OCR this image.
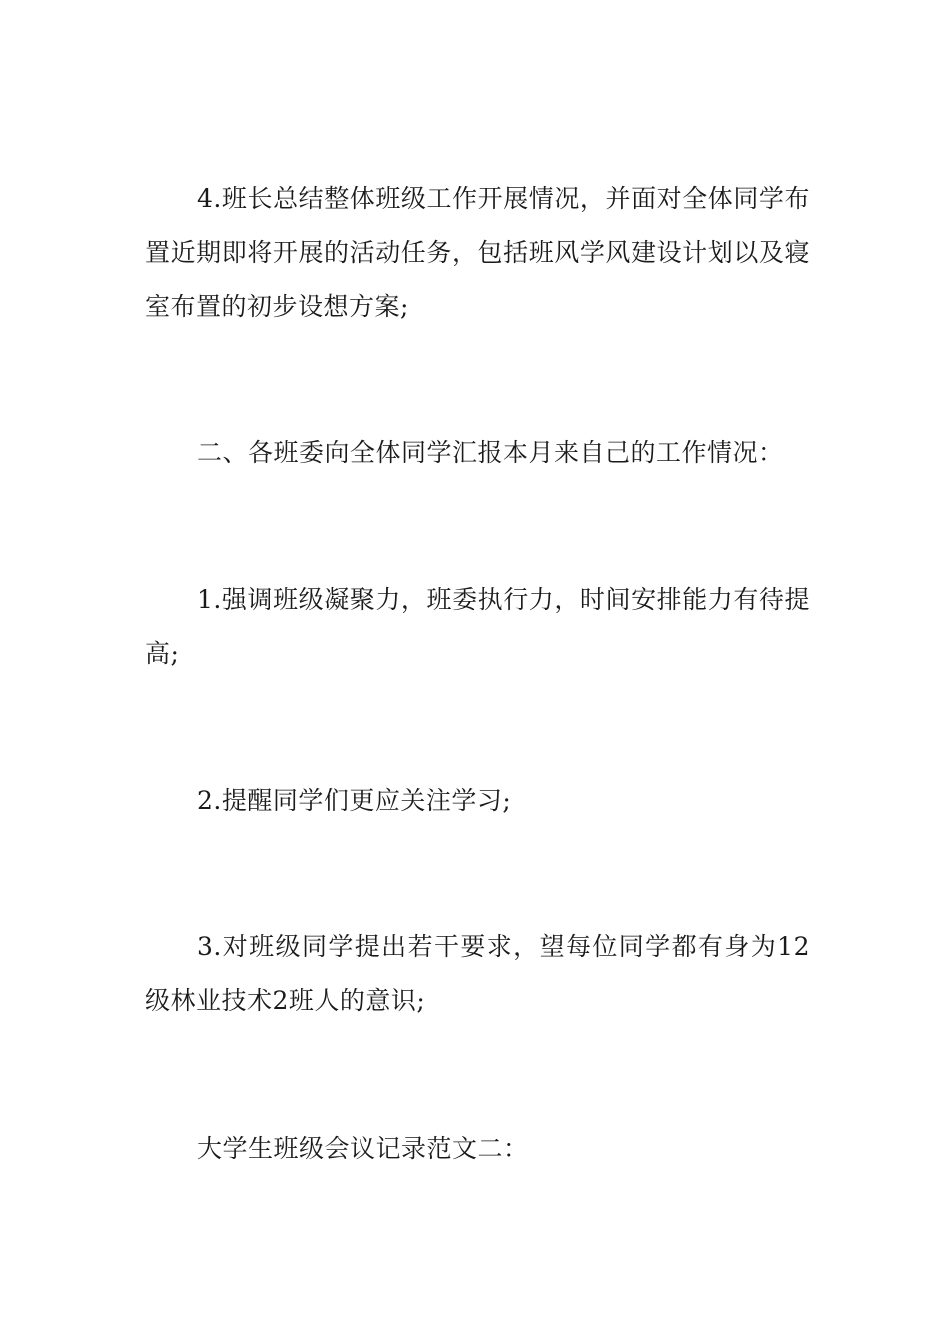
4.班长总结整体班级工作开展情况，并面对全体同学布置近期即将开展的活动任务，包括班风学风建设计划以及寝室布置的初步设想方案;

二、各班委向全体同学汇报本月来自己的工作情况：

1.强调班级凝聚力，班委执行力，时间安排能力有待提高;

2.提醒同学们更应关注学习;

3.对班级同学提出若干要求，望每位同学都有身为12级林业技术2班人的意识;

大学生班级会议记录范文二：
